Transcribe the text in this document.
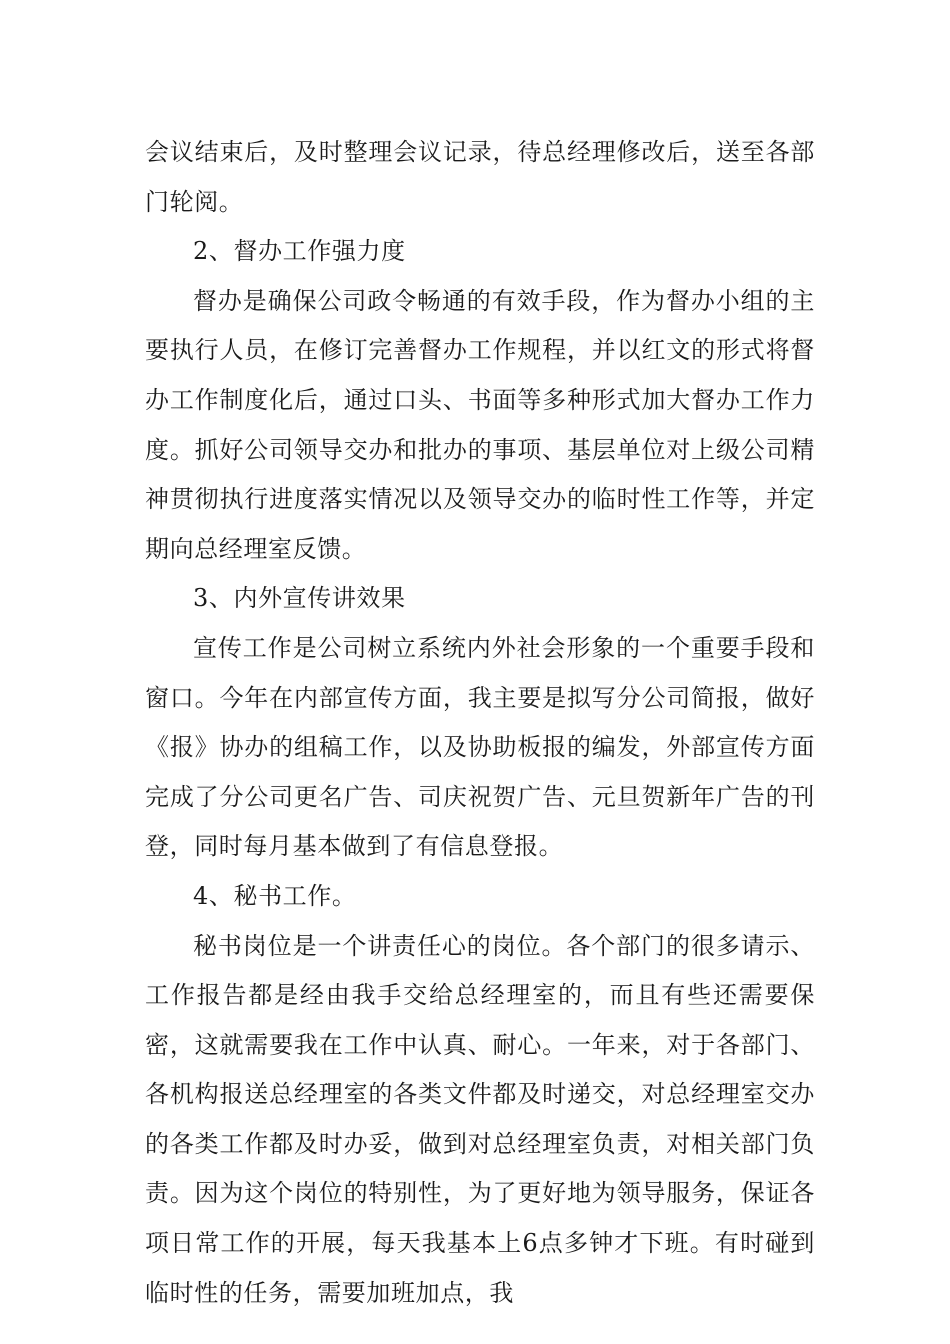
会议结束后，及时整理会议记录，待总经理修改后，送至各部门轮阅。

2、督办工作强力度

督办是确保公司政令畅通的有效手段，作为督办小组的主要执行人员，在修订完善督办工作规程，并以红文的形式将督办工作制度化后，通过口头、书面等多种形式加大督办工作力度。抓好公司领导交办和批办的事项、基层单位对上级公司精神贯彻执行进度落实情况以及领导交办的临时性工作等，并定期向总经理室反馈。

3、内外宣传讲效果

宣传工作是公司树立系统内外社会形象的一个重要手段和窗口。今年在内部宣传方面，我主要是拟写分公司简报，做好《报》协办的组稿工作，以及协助板报的编发，外部宣传方面完成了分公司更名广告、司庆祝贺广告、元旦贺新年广告的刊登，同时每月基本做到了有信息登报。

4、秘书工作。

秘书岗位是一个讲责任心的岗位。各个部门的很多请示、工作报告都是经由我手交给总经理室的，而且有些还需要保密，这就需要我在工作中认真、耐心。一年来，对于各部门、各机构报送总经理室的各类文件都及时递交，对总经理室交办的各类工作都及时办妥，做到对总经理室负责，对相关部门负责。因为这个岗位的特别性，为了更好地为领导服务，保证各项日常工作的开展，每天我基本上6点多钟才下班。有时碰到临时性的任务，需要加班加点，我
